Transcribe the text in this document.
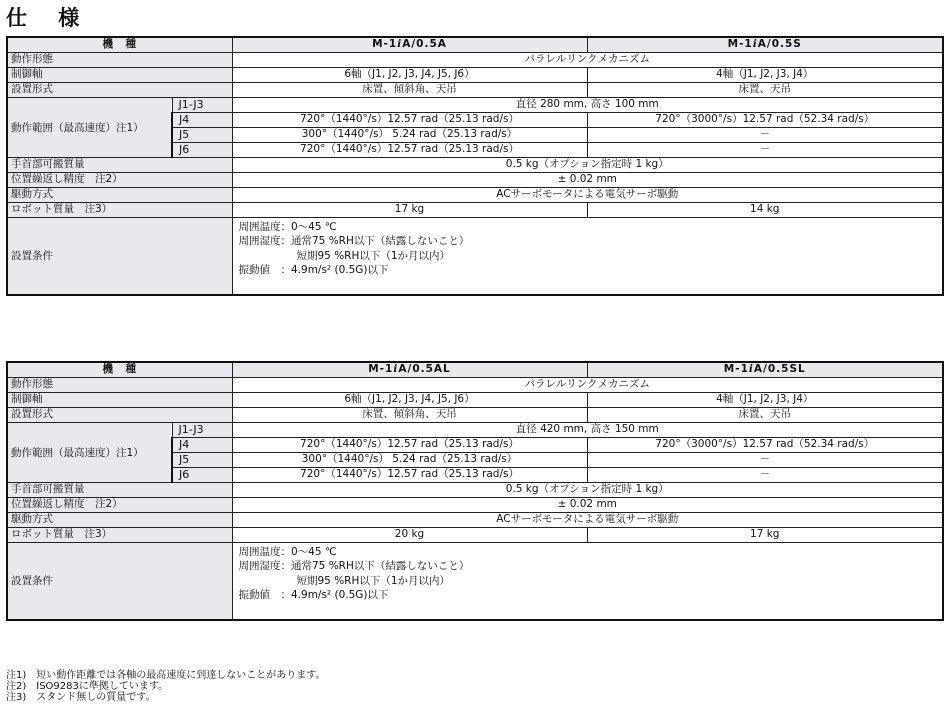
仕 様
機　種		M-1iA/0.5A	M-1iA/0.5S
動作形態		パラレルリンクメカニズム	
制御軸		6軸（J1, J2, J3, J4, J5, J6）	4軸（J1, J2, J3, J4）
設置形式		床置、傾斜角、天吊	床置、天吊
動作範囲（最高速度）注1）	J1-J3	直径 280 mm, 高さ 100 mm	
	J4	720°（1440°/s）12.57 rad（25.13 rad/s）	720°（3000°/s）12.57 rad（52.34 rad/s）
	J5	300°（1440°/s） 5.24 rad（25.13 rad/s）	－
	J6	720°（1440°/s）12.57 rad（25.13 rad/s）	－
手首部可搬質量		0.5 kg（オプション指定時 1 kg）	
位置繰返し精度　注2）		± 0.02 mm	
駆動方式		ACサーボモータによる電気サーボ駆動	
ロボット質量　注3）		17 kg	14 kg
設置条件		周囲温度：0～45 ℃
周囲湿度：通常75 %RH以下（結露しないこと）
短期95 %RH以下（1か月以内）
振動値　：4.9m/s² (0.5G)以下	
機　種		M-1iA/0.5AL	M-1iA/0.5SL
動作形態		パラレルリンクメカニズム	
制御軸		6軸（J1, J2, J3, J4, J5, J6）	4軸（J1, J2, J3, J4）
設置形式		床置、傾斜角、天吊	床置、天吊
動作範囲（最高速度）注1）	J1-J3	直径 420 mm, 高さ 150 mm	
	J4	720°（1440°/s）12.57 rad（25.13 rad/s）	720°（3000°/s）12.57 rad（52.34 rad/s）
	J5	300°（1440°/s） 5.24 rad（25.13 rad/s）	－
	J6	720°（1440°/s）12.57 rad（25.13 rad/s）	－
手首部可搬質量		0.5 kg（オプション指定時 1 kg）	
位置繰返し精度　注2）		± 0.02 mm	
駆動方式		ACサーボモータによる電気サーボ駆動	
ロボット質量　注3）		20 kg	17 kg
設置条件		周囲温度：0～45 ℃
周囲湿度：通常75 %RH以下（結露しないこと）
短期95 %RH以下（1か月以内）
振動値　：4.9m/s² (0.5G)以下	
注1)　短い動作距離では各軸の最高速度に到達しないことがあります。
注2)　ISO9283に準拠しています。
注3)　スタンド無しの質量です。
